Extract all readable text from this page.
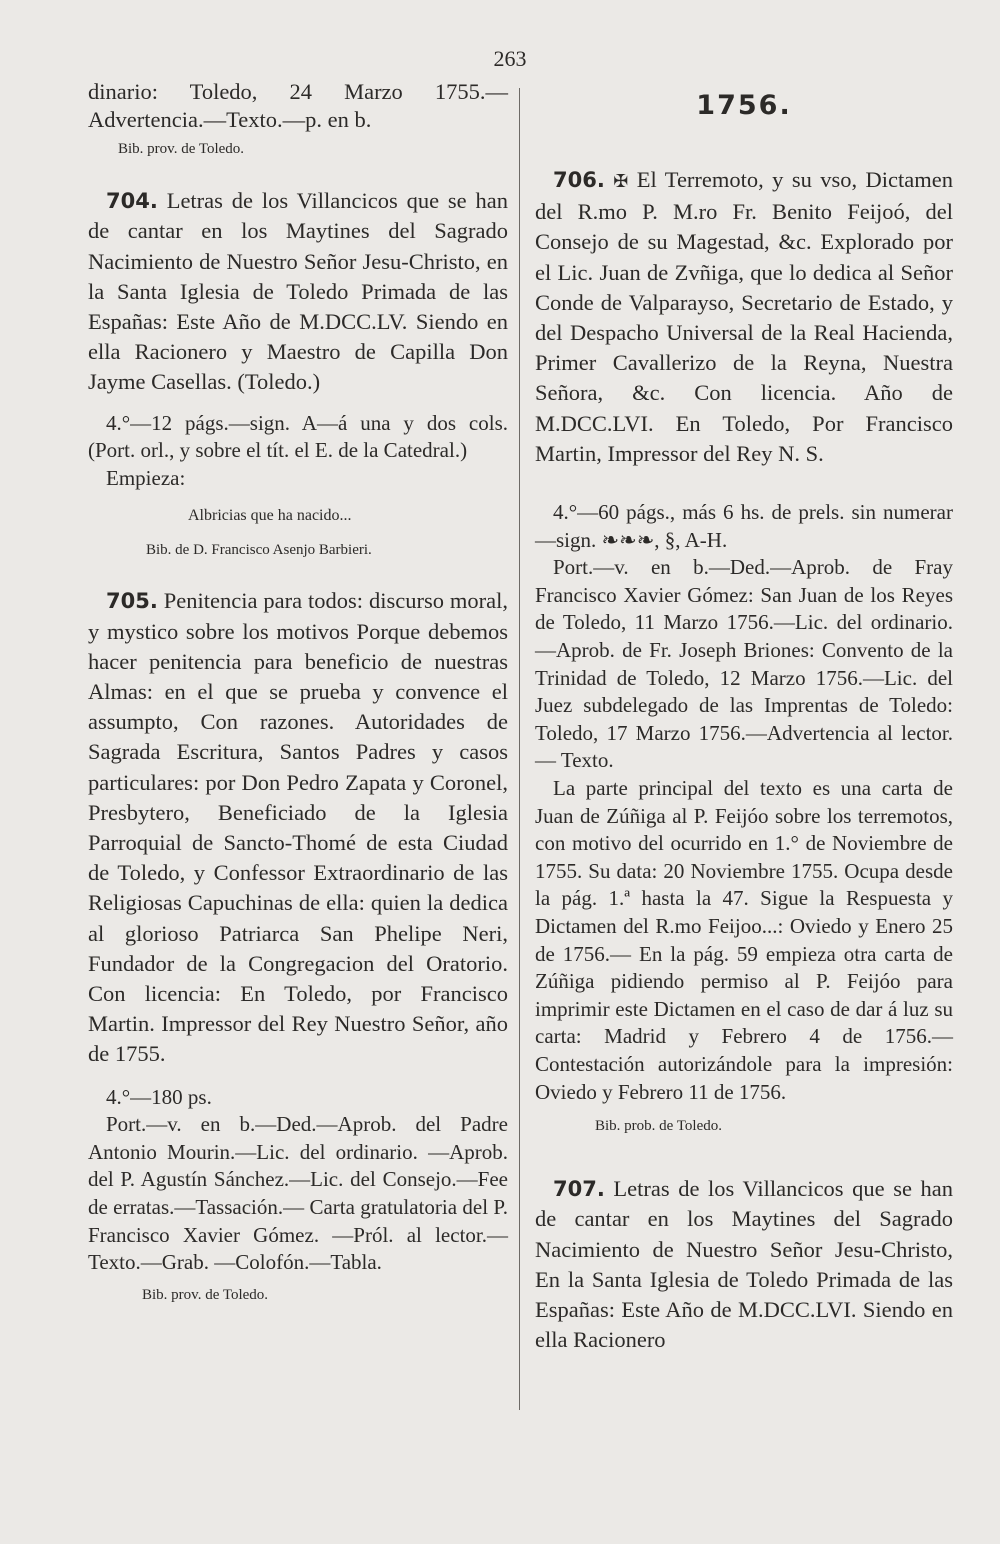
263

dinario: Toledo, 24 Marzo 1755.—Advertencia.—Texto.—p. en b.

Bib. prov. de Toledo.

704. Letras de los Villancicos que se han de cantar en los Maytines del Sagrado Nacimiento de Nuestro Señor Jesu-Christo, en la Santa Iglesia de Toledo Primada de las Españas: Este Año de M.DCC.LV. Siendo en ella Racionero y Maestro de Capilla Don Jayme Casellas. (Toledo.)

4.°—12 págs.—sign. A—á una y dos cols. (Port. orl., y sobre el tít. el E. de la Catedral.)

Empieza:

Albricias que ha nacido...

Bib. de D. Francisco Asenjo Barbieri.

705. Penitencia para todos: discurso moral, y mystico sobre los motivos Porque debemos hacer penitencia para beneficio de nuestras Almas: en el que se prueba y convence el assumpto, Con razones. Autoridades de Sagrada Escritura, Santos Padres y casos particulares: por Don Pedro Zapata y Coronel, Presbytero, Beneficiado de la Iglesia Parroquial de Sancto-Thomé de esta Ciudad de Toledo, y Confessor Extraordinario de las Religiosas Capuchinas de ella: quien la dedica al glorioso Patriarca San Phelipe Neri, Fundador de la Congregacion del Oratorio. Con licencia: En Toledo, por Francisco Martin. Impressor del Rey Nuestro Señor, año de 1755.

4.°—180 ps.

Port.—v. en b.—Ded.—Aprob. del Padre Antonio Mourin.—Lic. del ordinario. —Aprob. del P. Agustín Sánchez.—Lic. del Consejo.—Fee de erratas.—Tassación.— Carta gratulatoria del P. Francisco Xavier Gómez. —Pról. al lector.—Texto.—Grab. —Colofón.—Tabla.

Bib. prov. de Toledo.

1756.

706. ✠ El Terremoto, y su vso, Dictamen del R.mo P. M.ro Fr. Benito Feijoó, del Consejo de su Magestad, &c. Explorado por el Lic. Juan de Zvñiga, que lo dedica al Señor Conde de Valparayso, Secretario de Estado, y del Despacho Universal de la Real Hacienda, Primer Cavallerizo de la Reyna, Nuestra Señora, &c. Con licencia. Año de M.DCC.LVI. En Toledo, Por Francisco Martin, Impressor del Rey N. S.

4.°—60 págs., más 6 hs. de prels. sin numerar—sign. ❧❧❧, §, A-H.

Port.—v. en b.—Ded.—Aprob. de Fray Francisco Xavier Gómez: San Juan de los Reyes de Toledo, 11 Marzo 1756.—Lic. del ordinario.—Aprob. de Fr. Joseph Briones: Convento de la Trinidad de Toledo, 12 Marzo 1756.—Lic. del Juez subdelegado de las Imprentas de Toledo: Toledo, 17 Marzo 1756.—Advertencia al lector.— Texto.

La parte principal del texto es una carta de Juan de Zúñiga al P. Feijóo sobre los terremotos, con motivo del ocurrido en 1.° de Noviembre de 1755. Su data: 20 Noviembre 1755. Ocupa desde la pág. 1.ª hasta la 47. Sigue la Respuesta y Dictamen del R.mo Feijoo...: Oviedo y Enero 25 de 1756.— En la pág. 59 empieza otra carta de Zúñiga pidiendo permiso al P. Feijóo para imprimir este Dictamen en el caso de dar á luz su carta: Madrid y Febrero 4 de 1756.— Contestación autorizándole para la impresión: Oviedo y Febrero 11 de 1756.

Bib. prob. de Toledo.

707. Letras de los Villancicos que se han de cantar en los Maytines del Sagrado Nacimiento de Nuestro Señor Jesu-Christo, En la Santa Iglesia de Toledo Primada de las Españas: Este Año de M.DCC.LVI. Siendo en ella Racionero
